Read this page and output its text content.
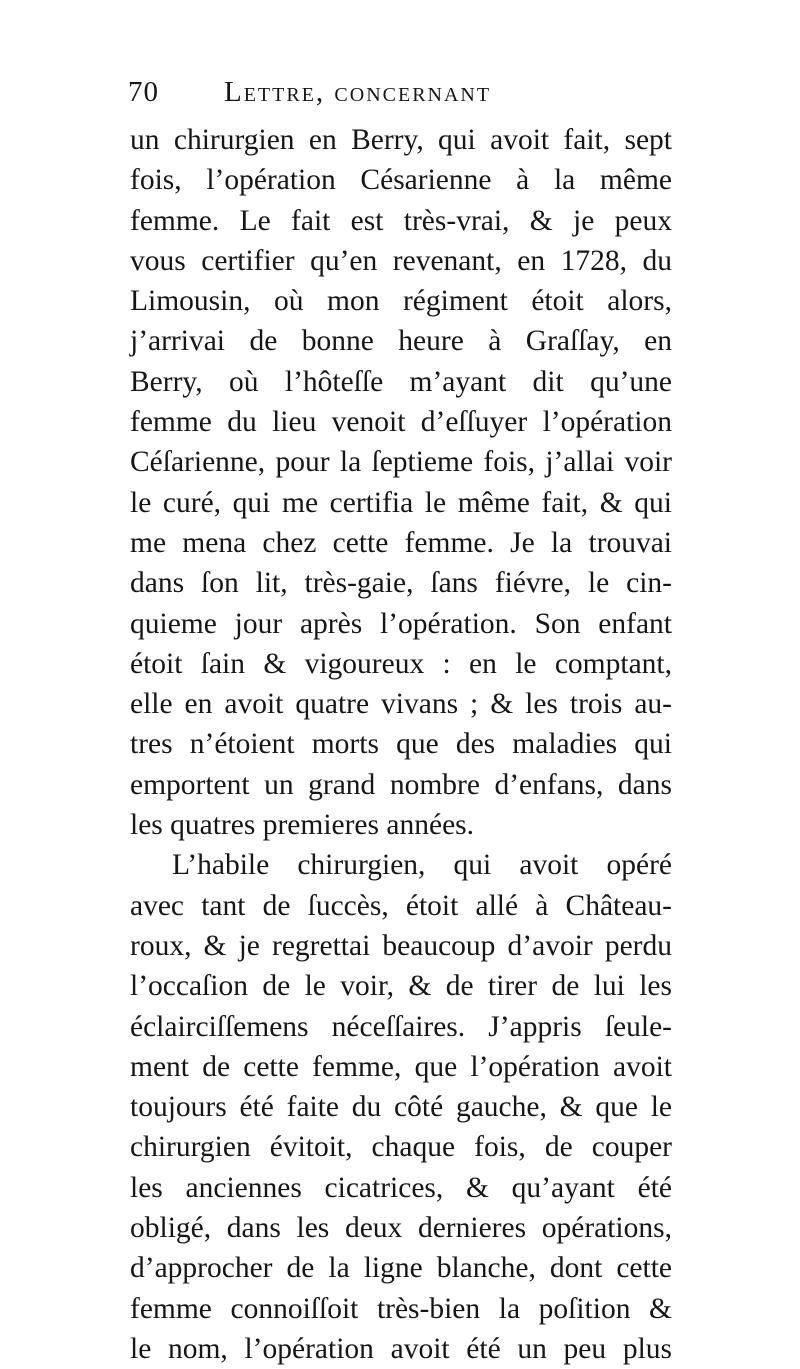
70 Lettre, concernant
un chirurgien en Berry, qui avoit fait, sept
fois, l’opération Césarienne à la même
femme. Le fait est très-vrai, & je peux
vous certifier qu’en revenant, en 1728, du
Limousin, où mon régiment étoit alors,
j’arrivai de bonne heure à Graſſay, en
Berry, où l’hôteſſe m’ayant dit qu’une
femme du lieu venoit d’eſſuyer l’opération
Céſarienne, pour la ſeptieme fois, j’allai voir
le curé, qui me certifia le même fait, & qui
me mena chez cette femme. Je la trouvai
dans ſon lit, très-gaie, ſans fiévre, le cin-
quieme jour après l’opération. Son enfant
étoit ſain & vigoureux : en le comptant,
elle en avoit quatre vivans ; & les trois au-
tres n’étoient morts que des maladies qui
emportent un grand nombre d’enfans, dans
les quatres premieres années.
L’habile chirurgien, qui avoit opéré
avec tant de ſuccès, étoit allé à Château-
roux, & je regrettai beaucoup d’avoir perdu
l’occaſion de le voir, & de tirer de lui les
éclairciſſemens néceſſaires. J’appris ſeule-
ment de cette femme, que l’opération avoit
toujours été faite du côté gauche, & que le
chirurgien évitoit, chaque fois, de couper
les anciennes cicatrices, & qu’ayant été
obligé, dans les deux dernieres opérations,
d’approcher de la ligne blanche, dont cette
femme connoiſſoit très-bien la poſition &
le nom, l’opération avoit été un peu plus
